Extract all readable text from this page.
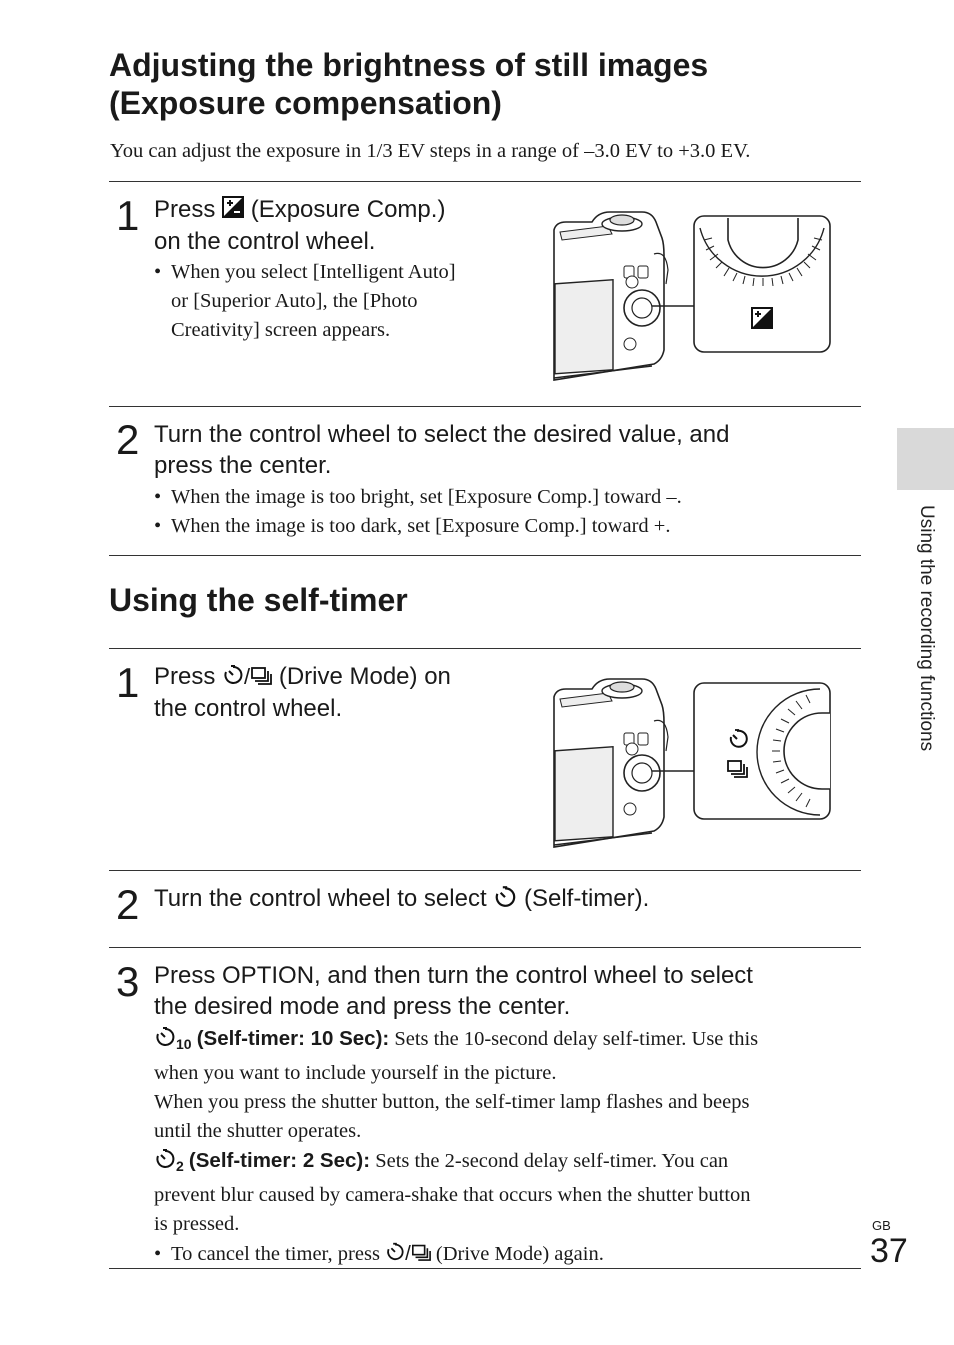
Adjusting the brightness of still images
(Exposure compensation)
You can adjust the exposure in 1/3 EV steps in a range of –3.0 EV to +3.0 EV.
1 Press (Exposure Comp.)
on the control wheel.
• When you select [Intelligent Auto]
or [Superior Auto], the [Photo
Creativity] screen appears.
2 Turn the control wheel to select the desired value, and
press the center.
• When the image is too bright, set [Exposure Comp.] toward –.
• When the image is too dark, set [Exposure Comp.] toward +.
Using the self-timer
1 Press / (Drive Mode) on
the control wheel.
2 Turn the control wheel to select (Self-timer).
3 Press OPTION, and then turn the control wheel to select
the desired mode and press the center.
10 (Self-timer: 10 Sec): Sets the 10-second delay self-timer. Use this
when you want to include yourself in the picture.
When you press the shutter button, the self-timer lamp flashes and beeps
until the shutter operates.
2 (Self-timer: 2 Sec): Sets the 2-second delay self-timer. You can
prevent blur caused by camera-shake that occurs when the shutter button
is pressed.
• To cancel the timer, press / (Drive Mode) again.
Using the recording functions
GB
37
